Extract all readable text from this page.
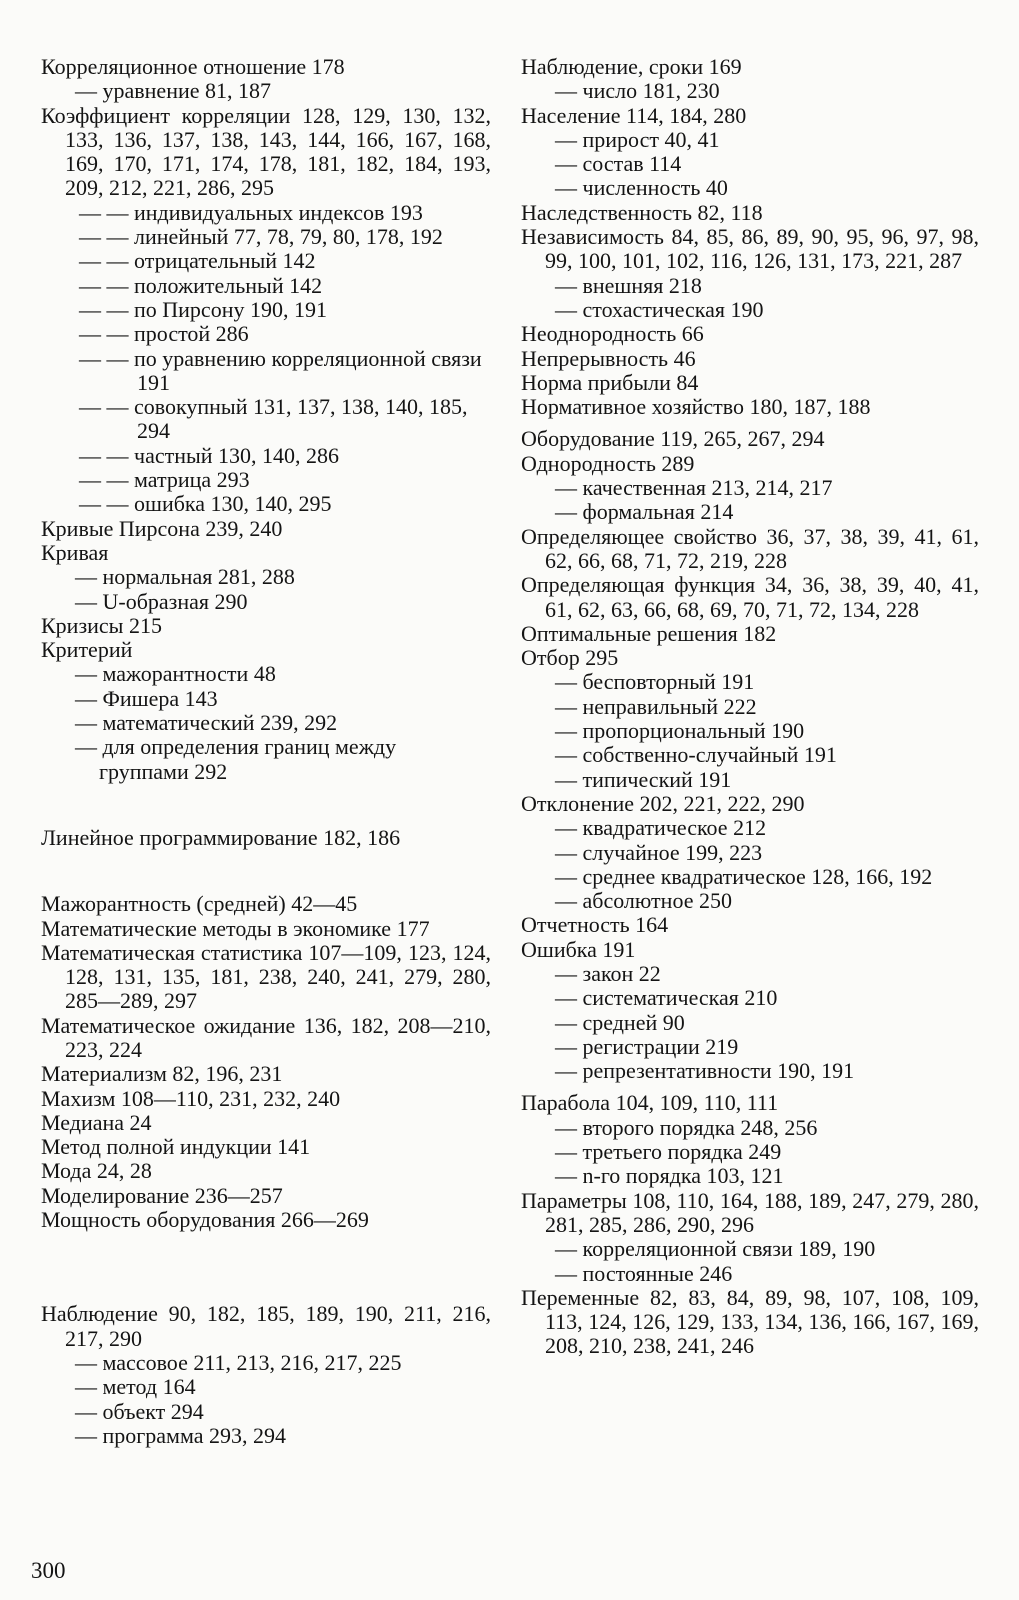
Корреляционное отношение 178
— уравнение 81, 187
Коэффициент корреляции 128, 129, 130, 132, 133, 136, 137, 138, 143, 144, 166, 167, 168, 169, 170, 171, 174, 178, 181, 182, 184, 193, 209, 212, 221, 286, 295
— — индивидуальных индексов 193
— — линейный 77, 78, 79, 80, 178, 192
— — отрицательный 142
— — положительный 142
— — по Пирсону 190, 191
— — простой 286
— — по уравнению корреляционной связи 191
— — совокупный 131, 137, 138, 140, 185, 294
— — частный 130, 140, 286
— — матрица 293
— — ошибка 130, 140, 295
Кривые Пирсона 239, 240
Кривая
— нормальная 281, 288
— U-образная 290
Кризисы 215
Критерий
— мажорантности 48
— Фишера 143
— математический 239, 292
— для определения границ между группами 292
Линейное программирование 182, 186
Мажорантность (средней) 42—45
Математические методы в экономике 177
Математическая статистика 107—109, 123, 124, 128, 131, 135, 181, 238, 240, 241, 279, 280, 285—289, 297
Математическое ожидание 136, 182, 208—210, 223, 224
Материализм 82, 196, 231
Махизм 108—110, 231, 232, 240
Медиана 24
Метод полной индукции 141
Мода 24, 28
Моделирование 236—257
Мощность оборудования 266—269
Наблюдение 90, 182, 185, 189, 190, 211, 216, 217, 290
— массовое 211, 213, 216, 217, 225
— метод 164
— объект 294
— программа 293, 294
Наблюдение, сроки 169
— число 181, 230
Население 114, 184, 280
— прирост 40, 41
— состав 114
— численность 40
Наследственность 82, 118
Независимость 84, 85, 86, 89, 90, 95, 96, 97, 98, 99, 100, 101, 102, 116, 126, 131, 173, 221, 287
— внешняя 218
— стохастическая 190
Неоднородность 66
Непрерывность 46
Норма прибыли 84
Нормативное хозяйство 180, 187, 188
Оборудование 119, 265, 267, 294
Однородность 289
— качественная 213, 214, 217
— формальная 214
Определяющее свойство 36, 37, 38, 39, 41, 61, 62, 66, 68, 71, 72, 219, 228
Определяющая функция 34, 36, 38, 39, 40, 41, 61, 62, 63, 66, 68, 69, 70, 71, 72, 134, 228
Оптимальные решения 182
Отбор 295
— бесповторный 191
— неправильный 222
— пропорциональный 190
— собственно-случайный 191
— типический 191
Отклонение 202, 221, 222, 290
— квадратическое 212
— случайное 199, 223
— среднее квадратическое 128, 166, 192
— абсолютное 250
Отчетность 164
Ошибка 191
— закон 22
— систематическая 210
— средней 90
— регистрации 219
— репрезентативности 190, 191
Парабола 104, 109, 110, 111
— второго порядка 248, 256
— третьего порядка 249
— n-го порядка 103, 121
Параметры 108, 110, 164, 188, 189, 247, 279, 280, 281, 285, 286, 290, 296
— корреляционной связи 189, 190
— постоянные 246
Переменные 82, 83, 84, 89, 98, 107, 108, 109, 113, 124, 126, 129, 133, 134, 136, 166, 167, 169, 208, 210, 238, 241, 246
300
